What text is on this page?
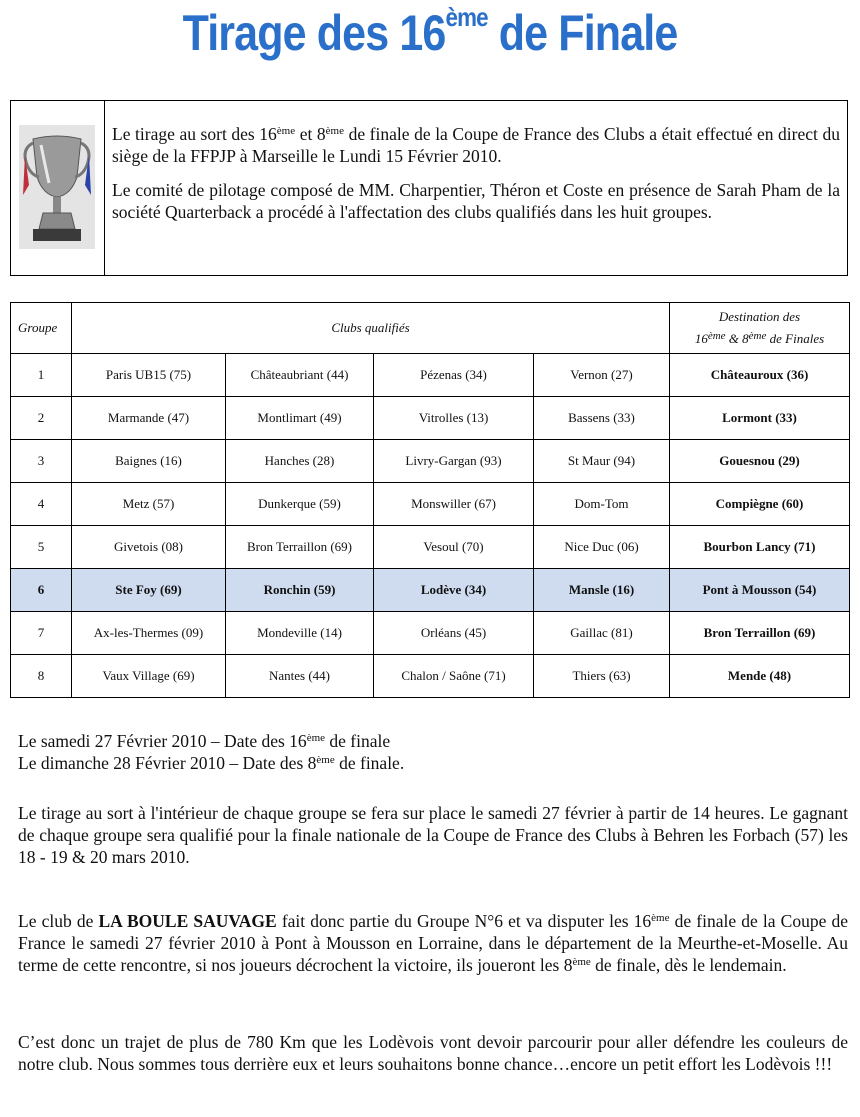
Tirage des 16ème de Finale

Le tirage au sort des 16ème et 8ème de finale de la Coupe de France des Clubs a était effectué en direct du siège de la FFPJP à Marseille le Lundi 15 Février 2010.

Le comité de pilotage composé de MM. Charpentier, Théron et Coste en présence de Sarah Pham de la société Quarterback a procédé à l'affectation des clubs qualifiés dans les huit groupes.

Groupe	Clubs qualifiés				Destination des
16ème & 8ème de Finales
1	Paris UB15 (75)	Châteaubriant (44)	Pézenas (34)	Vernon (27)	Châteauroux (36)
2	Marmande (47)	Montlimart (49)	Vitrolles (13)	Bassens (33)	Lormont (33)
3	Baignes (16)	Hanches (28)	Livry-Gargan (93)	St Maur (94)	Gouesnou (29)
4	Metz (57)	Dunkerque (59)	Monswiller (67)	Dom-Tom	Compiègne (60)
5	Givetois (08)	Bron Terraillon (69)	Vesoul (70)	Nice Duc (06)	Bourbon Lancy (71)
6	Ste Foy (69)	Ronchin (59)	Lodève (34)	Mansle (16)	Pont à Mousson (54)
7	Ax-les-Thermes (09)	Mondeville (14)	Orléans (45)	Gaillac (81)	Bron Terraillon (69)
8	Vaux Village (69)	Nantes (44)	Chalon / Saône (71)	Thiers (63)	Mende (48)

Le samedi 27 Février 2010 – Date des 16ème de finale

Le dimanche 28 Février 2010 – Date des 8ème de finale.

Le tirage au sort à l'intérieur de chaque groupe se fera sur place le samedi 27 février à partir de 14 heures. Le gagnant de chaque groupe sera qualifié pour la finale nationale de la Coupe de France des Clubs à Behren les Forbach (57) les 18 - 19 & 20 mars 2010.

Le club de LA BOULE SAUVAGE fait donc partie du Groupe N°6 et va disputer les 16ème de finale de la Coupe de France le samedi 27 février 2010 à Pont à Mousson en Lorraine, dans le département de la Meurthe-et-Moselle. Au terme de cette rencontre, si nos joueurs décrochent la victoire, ils joueront les 8ème de finale, dès le lendemain.

C’est donc un trajet de plus de 780 Km que les Lodèvois vont devoir parcourir pour aller défendre les couleurs de notre club. Nous sommes tous derrière eux et leurs souhaitons bonne chance…encore un petit effort les Lodèvois !!!
